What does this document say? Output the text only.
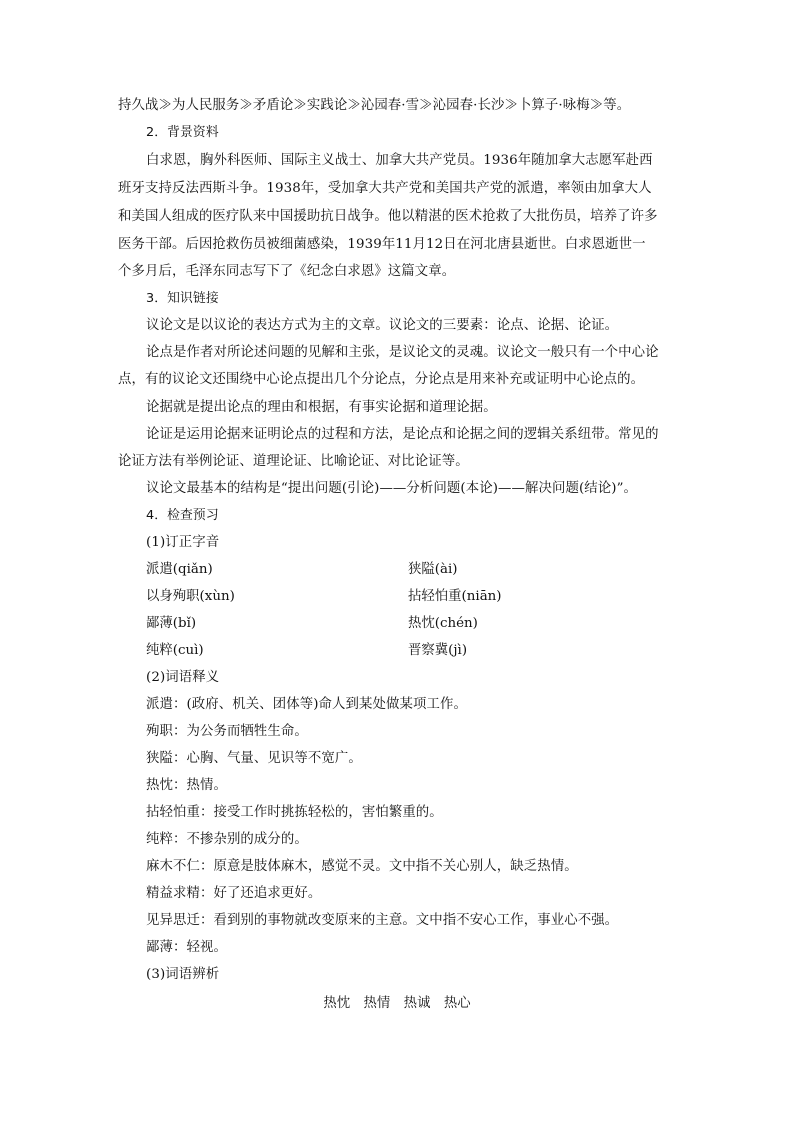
持久战≫为人民服务≫矛盾论≫实践论≫沁园春·雪≫沁园春·长沙≫卜算子·咏梅≫等。
2．背景资料
白求恩，胸外科医师、国际主义战士、加拿大共产党员。1936年随加拿大志愿军赴西
班牙支持反法西斯斗争。1938年，受加拿大共产党和美国共产党的派遣，率领由加拿大人
和美国人组成的医疗队来中国援助抗日战争。他以精湛的医术抢救了大批伤员，培养了许多
医务干部。后因抢救伤员被细菌感染，1939年11月12日在河北唐县逝世。白求恩逝世一
个多月后，毛泽东同志写下了《纪念白求恩》这篇文章。
3．知识链接
议论文是以议论的表达方式为主的文章。议论文的三要素：论点、论据、论证。
论点是作者对所论述问题的见解和主张，是议论文的灵魂。议论文一般只有一个中心论
点，有的议论文还围绕中心论点提出几个分论点，分论点是用来补充或证明中心论点的。
论据就是提出论点的理由和根据，有事实论据和道理论据。
论证是运用论据来证明论点的过程和方法，是论点和论据之间的逻辑关系纽带。常见的
论证方法有举例论证、道理论证、比喻论证、对比论证等。
议论文最基本的结构是“提出问题(引论)——分析问题(本论)——解决问题(结论)”。
4．检查预习
(1)订正字音
派遣(qiǎn)	狭隘(ài)
以身殉职(xùn)	拈轻怕重(niān)
鄙薄(bǐ)	热忱(chén)
纯粹(cuì)	晋察冀(jì)
(2)词语释义
派遣：(政府、机关、团体等)命人到某处做某项工作。
殉职：为公务而牺牲生命。
狭隘：心胸、气量、见识等不宽广。
热忱：热情。
拈轻怕重：接受工作时挑拣轻松的，害怕繁重的。
纯粹：不掺杂别的成分的。
麻木不仁：原意是肢体麻木，感觉不灵。文中指不关心别人，缺乏热情。
精益求精：好了还追求更好。
见异思迁：看到别的事物就改变原来的主意。文中指不安心工作，事业心不强。
鄙薄：轻视。
(3)词语辨析
热忱　热情　热诚　热心
